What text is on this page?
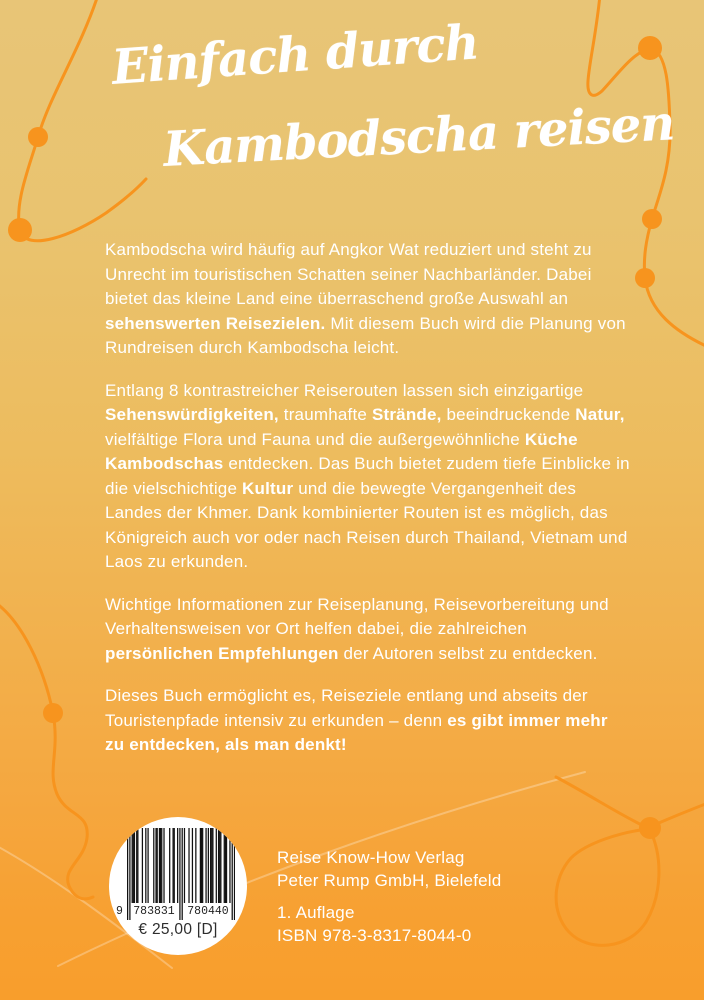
Einfach durch
Kambodscha reisen

Kambodscha wird häufig auf Angkor Wat reduziert und steht zu Unrecht im touristischen Schatten seiner Nachbarländer. Dabei bietet das kleine Land eine überraschend große Auswahl an sehenswerten Reisezielen. Mit diesem Buch wird die Planung von Rundreisen durch Kambodscha leicht.

Entlang 8 kontrastreicher Reiserouten lassen sich einzigartige Sehenswürdigkeiten, traumhafte Strände, beeindruckende Natur, vielfältige Flora und Fauna und die außergewöhnliche Küche Kambodschas entdecken. Das Buch bietet zudem tiefe Einblicke in die vielschichtige Kultur und die bewegte Vergangenheit des Landes der Khmer. Dank kombinierter Routen ist es möglich, das Königreich auch vor oder nach Reisen durch Thailand, Vietnam und Laos zu erkunden.

Wichtige Informationen zur Reiseplanung, Reisevorbereitung und Verhaltensweisen vor Ort helfen dabei, die zahlreichen persönlichen Empfehlungen der Autoren selbst zu entdecken.

Dieses Buch ermöglicht es, Reiseziele entlang und abseits der Touristenpfade intensiv zu erkunden – denn es gibt immer mehr zu entdecken, als man denkt!

9 783831 780440
€ 25,00 [D]

Reise Know-How Verlag

Peter Rump GmbH, Bielefeld

1. Auflage

ISBN 978-3-8317-8044-0
